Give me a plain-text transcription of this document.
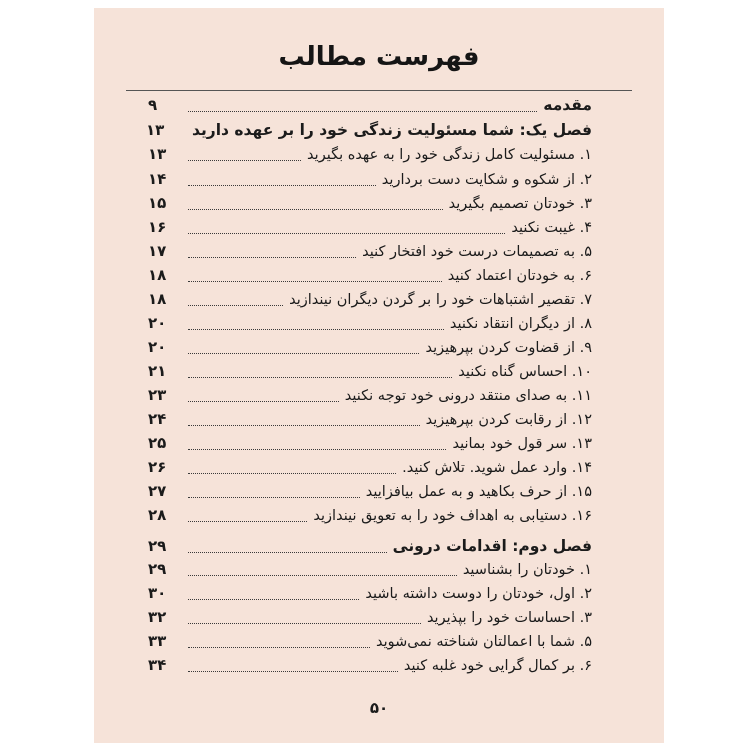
فهرست مطالب
مقدمه
۹
فصل یک: شما مسئولیت زندگی خود را بر عهده دارید
۱۳
۱. مسئولیت کامل زندگی خود را به عهده بگیرید
۱۳
۲. از شکوه و شکایت دست بردارید
۱۴
۳. خودتان تصمیم بگیرید
۱۵
۴. غیبت نکنید
۱۶
۵. به تصمیمات درست خود افتخار کنید
۱۷
۶. به خودتان اعتماد کنید
۱۸
۷. تقصیر اشتباهات خود را بر گردن دیگران نیندازید
۱۸
۸. از دیگران انتقاد نکنید
۲۰
۹. از قضاوت کردن بپرهیزید
۲۰
۱۰. احساس گناه نکنید
۲۱
۱۱. به صدای منتقد درونی خود توجه نکنید
۲۳
۱۲. از رقابت کردن بپرهیزید
۲۴
۱۳. سر قول خود بمانید
۲۵
۱۴. وارد عمل شوید. تلاش کنید.
۲۶
۱۵. از حرف بکاهید و به عمل بیافزایید
۲۷
۱۶. دستیابی به اهداف خود را به تعویق نیندازید
۲۸
فصل دوم: اقدامات درونی
۲۹
۱. خودتان را بشناسید
۲۹
۲. اول، خودتان را دوست داشته باشید
۳۰
۳. احساسات خود را بپذیرید
۳۲
۵. شما با اعمالتان شناخته نمی‌شوید
۳۳
۶. بر کمال گرایی خود غلبه کنید
۳۴
۵۰
